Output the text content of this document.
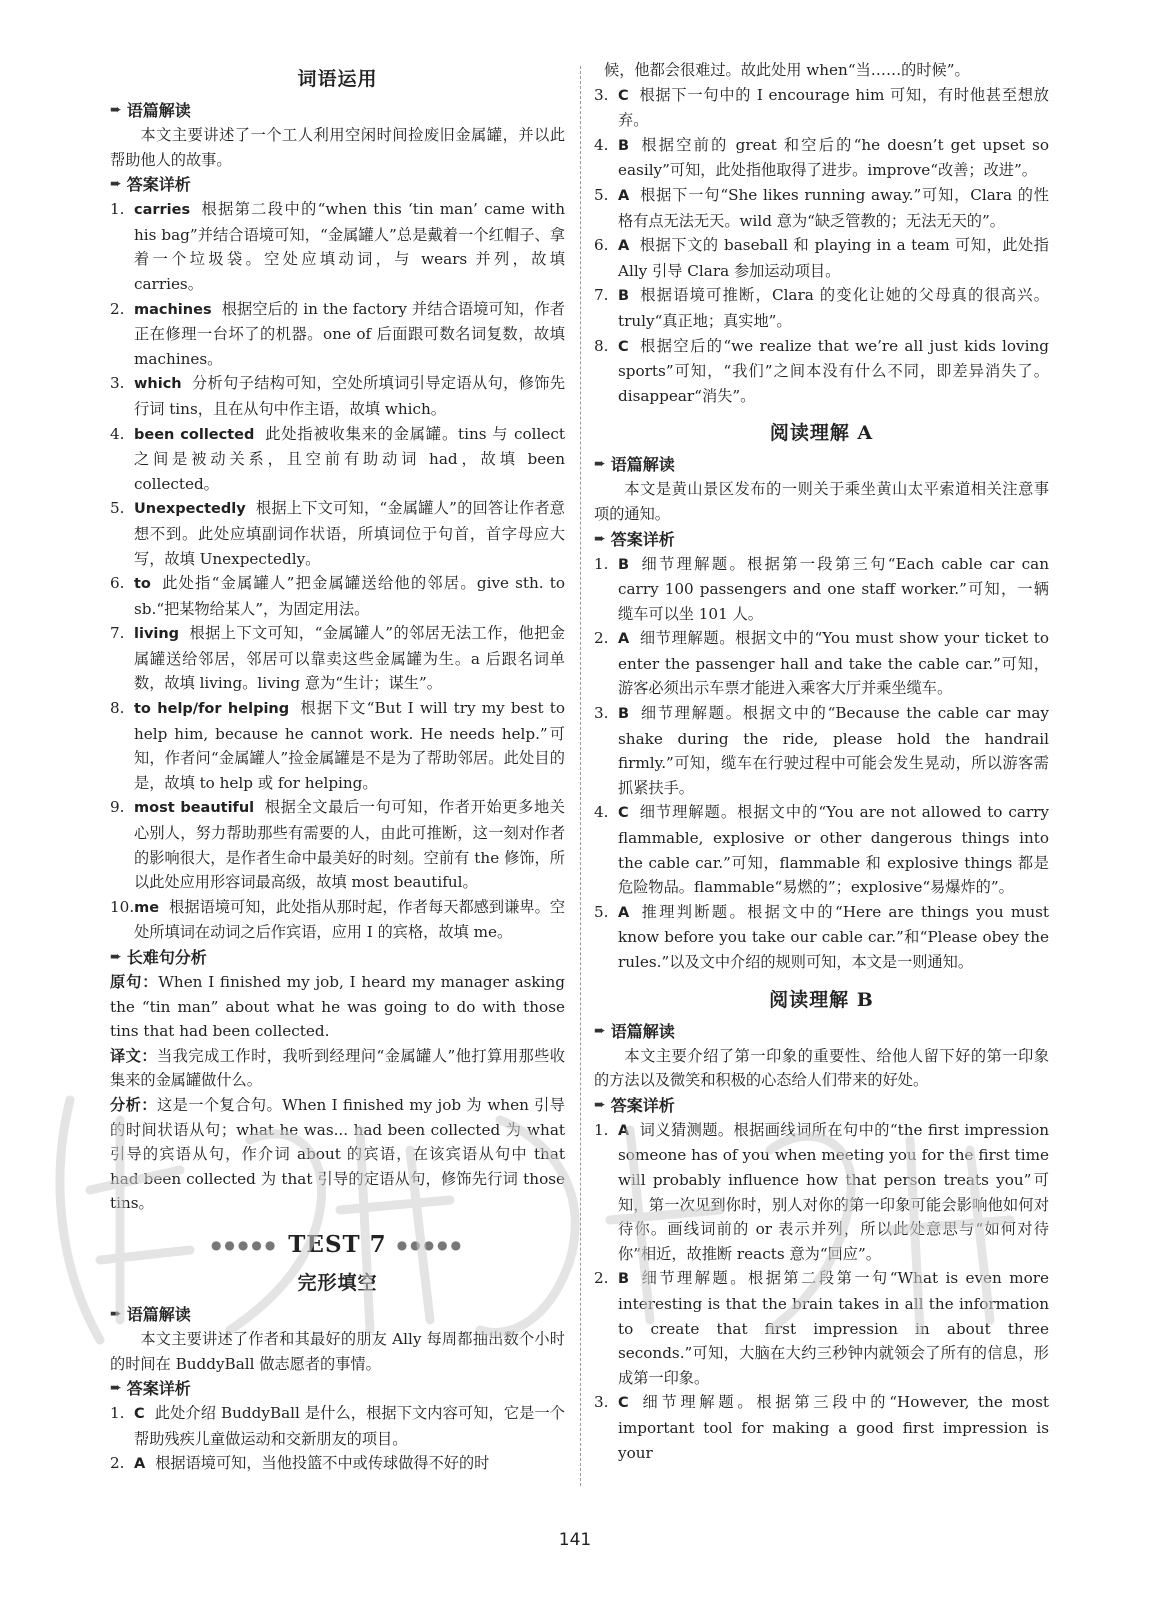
词语运用
➨ 语篇解读

本文主要讲述了一个工人利用空闲时间捡废旧金属罐，并以此帮助他人的故事。

➨ 答案详析
1. carries 根据第二段中的“when this ‘tin man’ came with his bag”并结合语境可知，“金属罐人”总是戴着一个红帽子、拿着一个垃圾袋。空处应填动词，与 wears 并列，故填 carries。
2. machines 根据空后的 in the factory 并结合语境可知，作者正在修理一台坏了的机器。one of 后面跟可数名词复数，故填 machines。
3. which 分析句子结构可知，空处所填词引导定语从句，修饰先行词 tins，且在从句中作主语，故填 which。
4. been collected 此处指被收集来的金属罐。tins 与 collect 之间是被动关系，且空前有助动词 had，故填 been collected。
5. Unexpectedly 根据上下文可知，“金属罐人”的回答让作者意想不到。此处应填副词作状语，所填词位于句首，首字母应大写，故填 Unexpectedly。
6. to 此处指“金属罐人”把金属罐送给他的邻居。give sth. to sb.“把某物给某人”，为固定用法。
7. living 根据上下文可知，“金属罐人”的邻居无法工作，他把金属罐送给邻居，邻居可以靠卖这些金属罐为生。a 后跟名词单数，故填 living。living 意为“生计；谋生”。
8. to help/for helping 根据下文“But I will try my best to help him, because he cannot work. He needs help.”可知，作者问“金属罐人”捡金属罐是不是为了帮助邻居。此处目的是，故填 to help 或 for helping。
9. most beautiful 根据全文最后一句可知，作者开始更多地关心别人，努力帮助那些有需要的人，由此可推断，这一刻对作者的影响很大，是作者生命中最美好的时刻。空前有 the 修饰，所以此处应用形容词最高级，故填 most beautiful。
10. me 根据语境可知，此处指从那时起，作者每天都感到谦卑。空处所填词在动词之后作宾语，应用 I 的宾格，故填 me。
➨ 长难句分析

原句：When I finished my job, I heard my manager asking the “tin man” about what he was going to do with those tins that had been collected.

译文：当我完成工作时，我听到经理问“金属罐人”他打算用那些收集来的金属罐做什么。

分析：这是一个复合句。When I finished my job 为 when 引导的时间状语从句；what he was... had been collected 为 what 引导的宾语从句，作介词 about 的宾语，在该宾语从句中 that had been collected 为 that 引导的定语从句，修饰先行词 those tins。

●●●●● TEST 7 ●●●●●
完形填空
➨ 语篇解读

本文主要讲述了作者和其最好的朋友 Ally 每周都抽出数个小时的时间在 BuddyBall 做志愿者的事情。

➨ 答案详析
1. C 此处介绍 BuddyBall 是什么，根据下文内容可知，它是一个帮助残疾儿童做运动和交新朋友的项目。
2. A 根据语境可知，当他投篮不中或传球做得不好的时

候，他都会很难过。故此处用 when“当……的时候”。

3. C 根据下一句中的 I encourage him 可知，有时他甚至想放弃。
4. B 根据空前的 great 和空后的“he doesn’t get upset so easily”可知，此处指他取得了进步。improve“改善；改进”。
5. A 根据下一句“She likes running away.”可知，Clara 的性格有点无法无天。wild 意为“缺乏管教的；无法无天的”。
6. A 根据下文的 baseball 和 playing in a team 可知，此处指 Ally 引导 Clara 参加运动项目。
7. B 根据语境可推断，Clara 的变化让她的父母真的很高兴。truly“真正地；真实地”。
8. C 根据空后的“we realize that we’re all just kids loving sports”可知，“我们”之间本没有什么不同，即差异消失了。disappear“消失”。
阅读理解 A
➨ 语篇解读

本文是黄山景区发布的一则关于乘坐黄山太平索道相关注意事项的通知。

➨ 答案详析
1. B 细节理解题。根据第一段第三句“Each cable car can carry 100 passengers and one staff worker.”可知，一辆缆车可以坐 101 人。
2. A 细节理解题。根据文中的“You must show your ticket to enter the passenger hall and take the cable car.”可知，游客必须出示车票才能进入乘客大厅并乘坐缆车。
3. B 细节理解题。根据文中的“Because the cable car may shake during the ride, please hold the handrail firmly.”可知，缆车在行驶过程中可能会发生晃动，所以游客需抓紧扶手。
4. C 细节理解题。根据文中的“You are not allowed to carry flammable, explosive or other dangerous things into the cable car.”可知，flammable 和 explosive things 都是危险物品。flammable“易燃的”；explosive“易爆炸的”。
5. A 推理判断题。根据文中的“Here are things you must know before you take our cable car.”和“Please obey the rules.”以及文中介绍的规则可知，本文是一则通知。
阅读理解 B
➨ 语篇解读

本文主要介绍了第一印象的重要性、给他人留下好的第一印象的方法以及微笑和积极的心态给人们带来的好处。

➨ 答案详析
1. A 词义猜测题。根据画线词所在句中的“the first impression someone has of you when meeting you for the first time will probably influence how that person treats you”可知，第一次见到你时，别人对你的第一印象可能会影响他如何对待你。画线词前的 or 表示并列，所以此处意思与“如何对待你”相近，故推断 reacts 意为“回应”。
2. B 细节理解题。根据第二段第一句“What is even more interesting is that the brain takes in all the information to create that first impression in about three seconds.”可知，大脑在大约三秒钟内就领会了所有的信息，形成第一印象。
3. C 细节理解题。根据第三段中的“However, the most important tool for making a good first impression is your
141
